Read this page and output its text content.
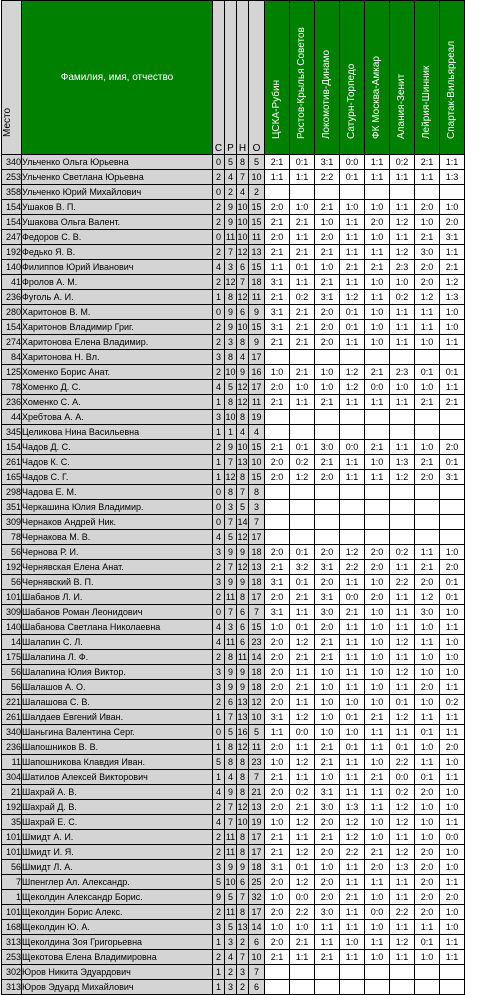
Место	Фамилия, имя, отчество	С	Р	Н	О	ЦСКА-Рубин	Ростов-Крылья Советов	Локомотив-Динамо	Сатурн-Торпедо	ФК Москва-Амкар	Алания-Зенит	Лейрия-Шинник	Спартак-Вильярреал

340	Ульченко Ольга Юрьевна	0	5	8	5	2:1	0:1	3:1	0:0	1:1	0:2	2:1	1:1
253	Ульченко Светлана Юрьевна	2	4	7	10	1:1	1:1	2:2	0:1	1:1	1:1	1:1	1:3
358	Ульченко Юрий Михайлович	0	2	4	2								
154	Ушаков В. П.	2	9	10	15	2:0	1:0	2:1	1:0	1:0	1:1	2:0	1:0
154	Ушакова Ольга Валент.	2	9	10	15	2:1	2:1	1:0	1:1	2:0	1:2	1:0	2:0
247	Федоров С. В.	0	11	10	11	2:0	1:1	2:0	1:1	1:0	1:1	2:1	3:1
192	Федько Я. В.	2	7	12	13	2:1	2:1	2:1	1:1	1:1	1:2	3:0	1:1
140	Филиппов Юрий Иванович	4	3	6	15	1:1	0:1	1:0	2:1	2:1	2:3	2:0	2:1
41	Фролов А. М.	2	12	7	18	3:1	1:1	2:1	1:1	1:0	1:0	2:0	1:2
236	Фуголь А. И.	1	8	12	11	2:1	0:2	3:1	1:2	1:1	0:2	1:2	1:3
280	Харитонов В. М.	0	9	6	9	3:1	2:1	2:0	0:1	1:0	1:1	1:1	1:0
154	Харитонов Владимир Григ.	2	9	10	15	3:1	2:1	2:0	0:1	1:0	1:1	1:1	1:0
274	Харитонова Елена Владимир.	2	3	8	9	2:1	2:1	2:0	1:1	1:0	1:1	1:0	1:1
84	Харитонова Н. Вл.	3	8	4	17								
125	Хоменко Борис Анат.	2	10	9	16	1:0	2:1	1:0	1:2	2:1	2:3	0:1	0:1
78	Хоменко Д. С.	4	5	12	17	2:0	1:0	1:0	1:2	0:0	1:0	1:0	1:1
236	Хоменко С. А.	1	8	12	11	2:1	1:1	2:1	1:1	1:1	1:1	2:1	2:1
44	Хребтова А. А.	3	10	8	19								
345	Целикова Нина Васильевна	1	1	4	4								
154	Чадов Д. С.	2	9	10	15	2:1	0:1	3:0	0:0	2:1	1:1	1:0	2:0
261	Чадов К. С.	1	7	13	10	2:0	0:2	2:1	1:1	1:0	1:3	2:1	0:1
165	Чадов С. Г.	1	12	8	15	2:0	1:2	2:0	1:1	1:1	1:2	2:0	3:1
298	Чадова Е. М.	0	8	7	8								
351	Черкашина Юлия Владимир.	0	3	5	3								
309	Чернаков Андрей Ник.	0	7	14	7								
78	Чернакова М. В.	4	5	12	17								
56	Чернова Р. И.	3	9	9	18	2:0	0:1	2:0	1:2	2:0	0:2	1:1	1:0
192	Чернявская Елена Анат.	2	7	12	13	2:1	3:2	3:1	2:2	2:0	1:1	2:1	2:0
56	Чернявский В. П.	3	9	9	18	3:1	0:1	2:0	1:1	1:0	2:2	2:0	0:1
101	Шабанов Л. И.	2	11	8	17	2:0	2:1	3:1	0:0	2:0	1:1	1:2	0:1
309	Шабанов Роман Леонидович	0	7	6	7	3:1	1:1	3:0	2:1	1:0	1:1	3:0	1:0
140	Шабанова Светлана Николаевна	4	3	6	15	1:0	0:1	2:0	1:1	1:0	1:1	1:0	1:1
14	Шалапин С. Л.	4	11	6	23	2:0	1:2	2:1	1:1	1:0	1:2	1:1	1:0
175	Шалапина Л. Ф.	2	8	11	14	2:0	2:1	2:1	1:1	1:0	1:1	1:0	1:0
56	Шалапина Юлия Виктор.	3	9	9	18	2:0	1:1	1:0	1:1	1:0	1:2	1:0	1:0
56	Шалашов А. О.	3	9	9	18	2:0	2:1	1:0	1:1	1:0	1:1	2:0	1:1
221	Шалашова С. В.	2	6	13	12	2:0	1:1	1:0	1:0	1:0	0:1	1:0	0:2
261	Шалдаев Евгений Иван.	1	7	13	10	3:1	1:2	1:0	0:1	2:1	1:2	1:1	1:1
340	Шаньгина Валентина Серг.	0	5	16	5	1:1	0:0	1:0	1:0	1:1	1:1	0:1	1:1
236	Шапошников В. В.	1	8	12	11	2:0	1:1	2:1	0:1	1:1	0:1	1:0	2:0
11	Шапошникова Клавдия Иван.	5	8	8	23	1:0	1:2	2:1	1:1	1:0	2:2	1:1	1:0
304	Шатилов Алексей Викторович	1	4	8	7	2:1	1:1	1:0	1:1	2:1	0:0	0:1	1:1
21	Шахрай А. В.	4	9	8	21	2:0	0:2	3:1	1:1	1:1	0:2	2:0	1:0
192	Шахрай Д. В.	2	7	12	13	2:0	2:1	3:0	1:3	1:1	1:2	1:0	1:0
35	Шахрай Е. С.	4	7	10	19	1:0	1:2	2:0	1:2	1:0	1:2	1:0	1:1
101	Шмидт А. И.	2	11	8	17	2:1	1:1	2:1	1:2	1:0	1:1	1:0	0:0
101	Шмидт И. Я.	2	11	8	17	2:1	1:2	2:0	2:2	2:1	1:2	2:0	1:0
56	Шмидт Л. А.	3	9	9	18	3:1	0:1	1:0	1:1	2:0	1:3	2:0	1:0
7	Шпенглер Ал. Александр.	5	10	6	25	2:0	1:2	2:0	1:1	1:1	1:1	2:0	1:1
1	Щеколдин Александр Борис.	9	5	7	32	1:0	0:0	2:0	2:1	1:0	1:1	2:0	2:0
101	Щеколдин Борис Алекс.	2	11	8	17	2:0	2:2	3:0	1:1	0:0	2:2	2:0	1:0
168	Щеколдин Ю. А.	3	5	13	14	1:0	1:0	1:1	1:1	1:0	1:1	1:1	1:0
313	Щеколдина Зоя Григорьевна	1	3	2	6	2:0	2:1	1:1	1:0	1:1	1:2	0:1	1:1
253	Щекотова Елена Владимировна	2	4	7	10	2:1	1:1	2:1	1:1	1:0	1:1	1:0	1:1
302	Юров Никита Эдуардович	1	2	3	7								
313	Юров Эдуард Михайлович	1	3	2	6								
